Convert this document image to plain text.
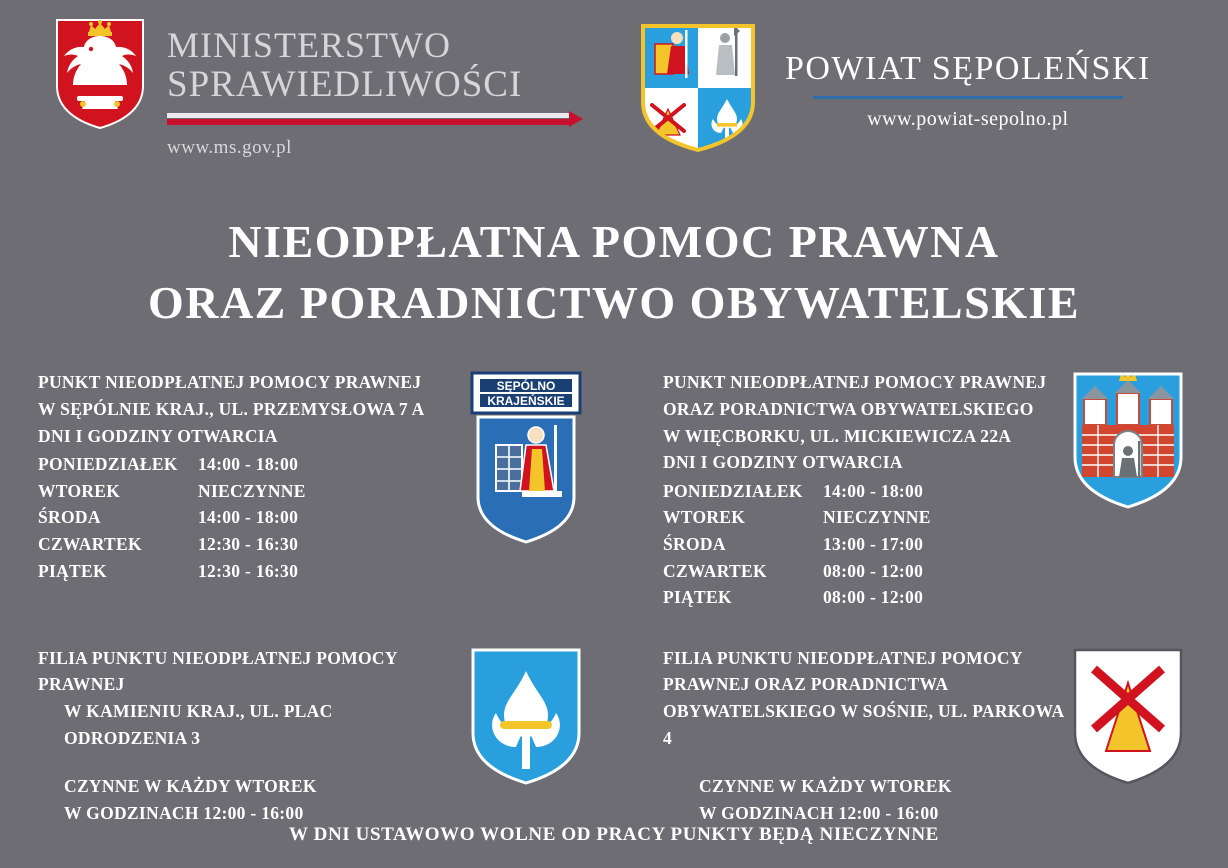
MINISTERSTWO
SPRAWIEDLIWOŚCI
www.ms.gov.pl
POWIAT SĘPOLEŃSKI
www.powiat-sepolno.pl
NIEODPŁATNA POMOC PRAWNA
ORAZ PORADNICTWO OBYWATELSKIE

PUNKT NIEODPŁATNEJ POMOCY PRAWNEJ

W SĘPÓLNIE KRAJ., UL. PRZEMYSŁOWA 7 A

DNI I GODZINY OTWARCIA

PONIEDZIAŁEK	14:00 - 18:00
WTOREK	NIECZYNNE
ŚRODA	14:00 - 18:00
CZWARTEK	12:30 - 16:30
PIĄTEK	12:30 - 16:30
SĘPÓLNO
KRAJEŃSKIE

PUNKT NIEODPŁATNEJ POMOCY PRAWNEJ

ORAZ PORADNICTWA OBYWATELSKIEGO

W WIĘCBORKU, UL. MICKIEWICZA 22A

DNI I GODZINY OTWARCIA

PONIEDZIAŁEK	14:00 - 18:00
WTOREK	NIECZYNNE
ŚRODA	13:00 - 17:00
CZWARTEK	08:00 - 12:00
PIĄTEK	08:00 - 12:00

FILIA PUNKTU NIEODPŁATNEJ POMOCY PRAWNEJ

W KAMIENIU KRAJ., UL. PLAC ODRODZENIA 3

CZYNNE W KAŻDY WTOREK

W GODZINACH 12:00 - 16:00

FILIA PUNKTU NIEODPŁATNEJ POMOCY

PRAWNEJ ORAZ PORADNICTWA

OBYWATELSKIEGO W SOŚNIE, UL. PARKOWA 4

CZYNNE W KAŻDY WTOREK

W GODZINACH 12:00 - 16:00

W DNI USTAWOWO WOLNE OD PRACY PUNKTY BĘDĄ NIECZYNNE
